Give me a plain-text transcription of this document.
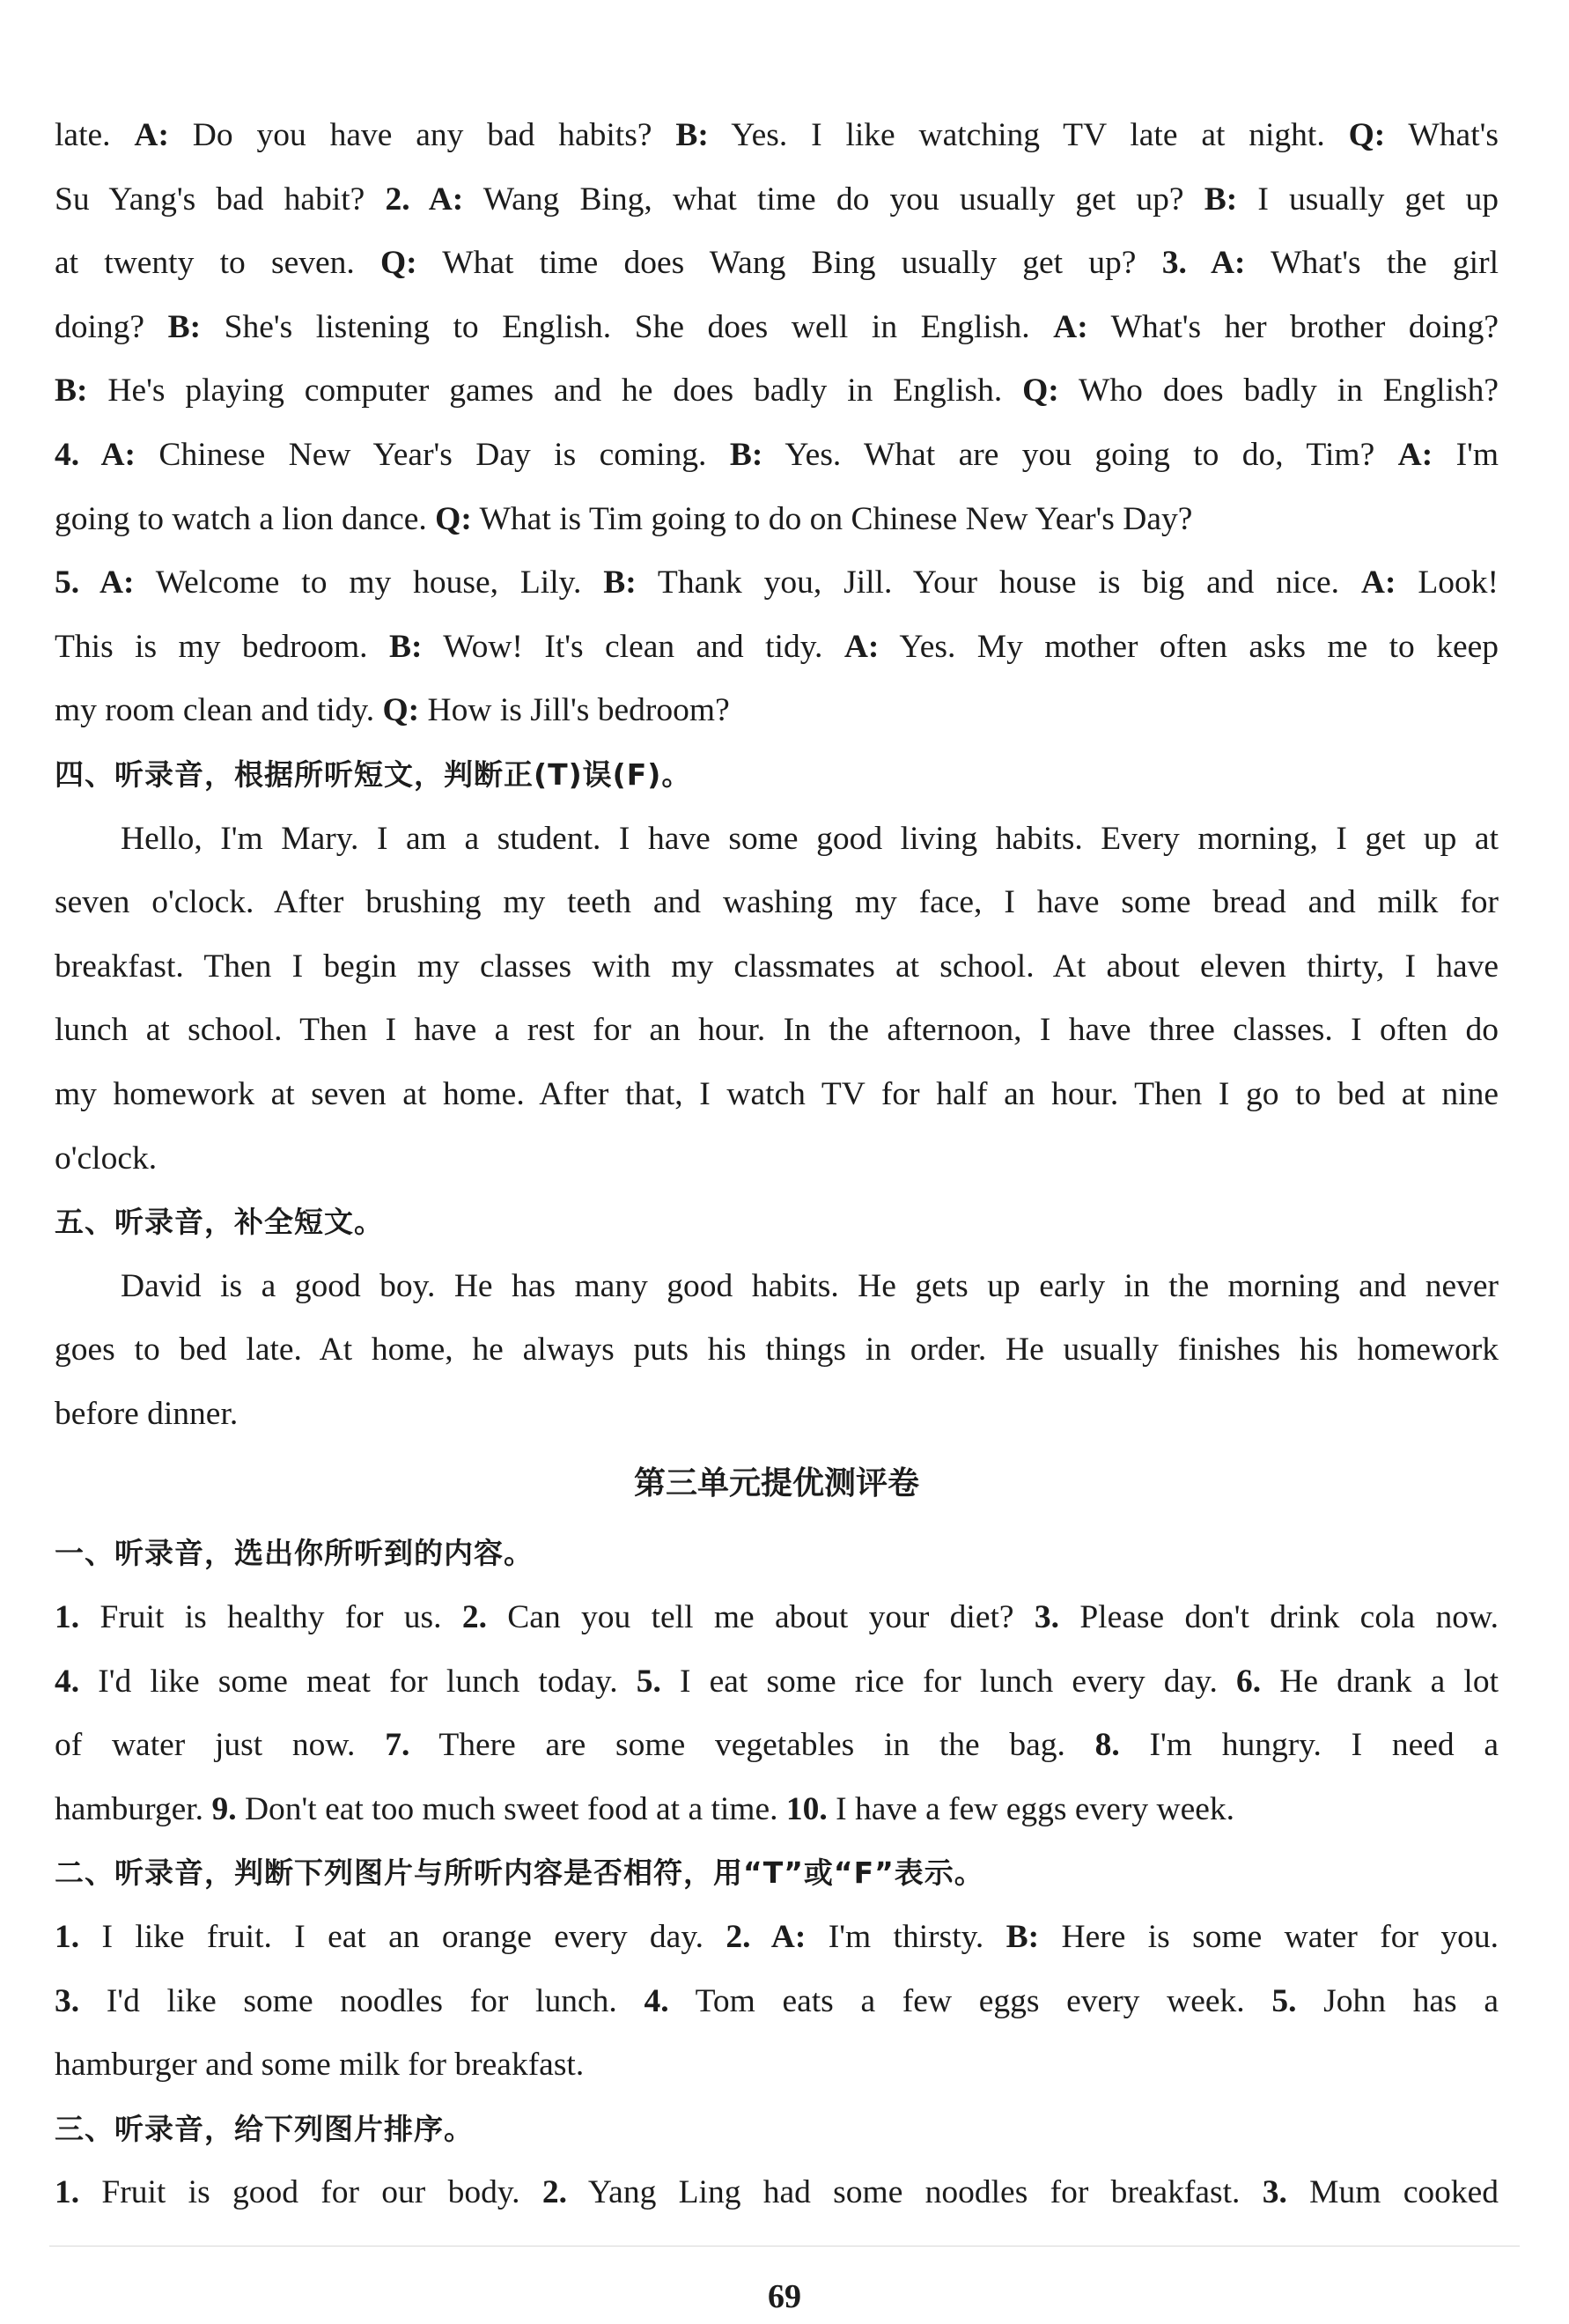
late. A: Do you have any bad habits? B: Yes. I like watching TV late at night. Q: What's

Su Yang's bad habit? 2. A: Wang Bing, what time do you usually get up? B: I usually get up

at twenty to seven. Q: What time does Wang Bing usually get up? 3. A: What's the girl

doing? B: She's listening to English. She does well in English. A: What's her brother doing?

B: He's playing computer games and he does badly in English. Q: Who does badly in English?

4. A: Chinese New Year's Day is coming. B: Yes. What are you going to do, Tim? A: I'm

going to watch a lion dance. Q: What is Tim going to do on Chinese New Year's Day?

5. A: Welcome to my house, Lily. B: Thank you, Jill. Your house is big and nice. A: Look!

This is my bedroom. B: Wow! It's clean and tidy. A: Yes. My mother often asks me to keep

my room clean and tidy. Q: How is Jill's bedroom?

四、听录音，根据所听短文，判断正(T)误(F)。

Hello, I'm Mary. I am a student. I have some good living habits. Every morning, I get up at

seven o'clock. After brushing my teeth and washing my face, I have some bread and milk for

breakfast. Then I begin my classes with my classmates at school. At about eleven thirty, I have

lunch at school. Then I have a rest for an hour. In the afternoon, I have three classes. I often do

my homework at seven at home. After that, I watch TV for half an hour. Then I go to bed at nine

o'clock.

五、听录音，补全短文。

David is a good boy. He has many good habits. He gets up early in the morning and never

goes to bed late. At home, he always puts his things in order. He usually finishes his homework

before dinner.

第三单元提优测评卷

一、听录音，选出你所听到的内容。

1. Fruit is healthy for us. 2. Can you tell me about your diet? 3. Please don't drink cola now.

4. I'd like some meat for lunch today. 5. I eat some rice for lunch every day. 6. He drank a lot

of water just now. 7. There are some vegetables in the bag. 8. I'm hungry. I need a

hamburger. 9. Don't eat too much sweet food at a time. 10. I have a few eggs every week.

二、听录音，判断下列图片与所听内容是否相符，用“T”或“F”表示。

1. I like fruit. I eat an orange every day. 2. A: I'm thirsty. B: Here is some water for you.

3. I'd like some noodles for lunch. 4. Tom eats a few eggs every week. 5. John has a

hamburger and some milk for breakfast.

三、听录音，给下列图片排序。

1. Fruit is good for our body. 2. Yang Ling had some noodles for breakfast. 3. Mum cooked

69
